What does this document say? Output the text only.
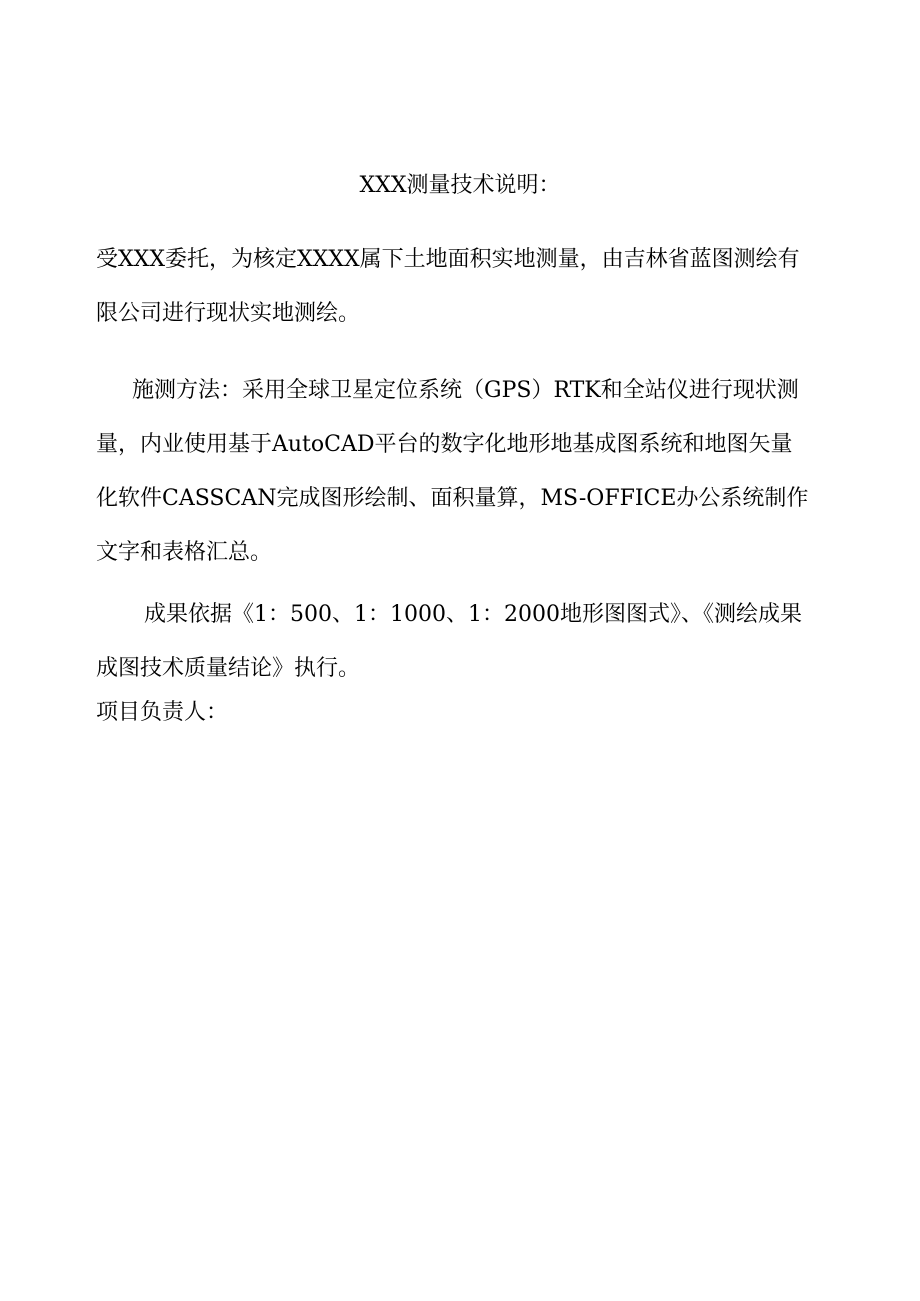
XXX测量技术说明：

受XXX委托，为核定XXXX属下土地面积实地测量，由吉林省蓝图测绘有限公司进行现状实地测绘。

施测方法：采用全球卫星定位系统（GPS）RTK和全站仪进行现状测量，内业使用基于AutoCAD平台的数字化地形地基成图系统和地图矢量化软件CASSCAN完成图形绘制、面积量算，MS-OFFICE办公系统制作文字和表格汇总。

成果依据《1：500、1：1000、1：2000地形图图式》、《测绘成果成图技术质量结论》执行。

项目负责人：
